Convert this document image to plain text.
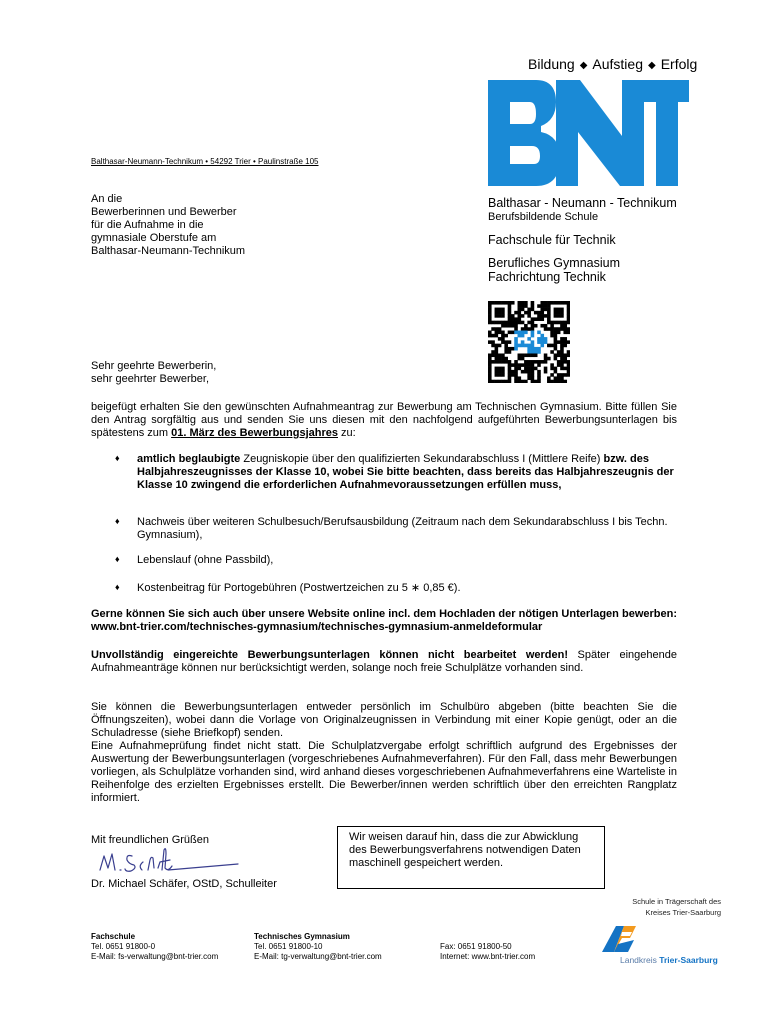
Bildung ◆ Aufstieg ◆ Erfolg
Balthasar-Neumann-Technikum • 54292 Trier • Paulinstraße 105
An die
Bewerberinnen und Bewerber
für die Aufnahme in die
gymnasiale Oberstufe am
Balthasar-Neumann-Technikum
Balthasar - Neumann - Technikum
Berufsbildende Schule
Fachschule für Technik
Berufliches Gymnasium
Fachrichtung Technik
Sehr geehrte Bewerberin,
sehr geehrter Bewerber,
beigefügt erhalten Sie den gewünschten Aufnahmeantrag zur Bewerbung am Technischen Gymnasium. Bitte füllen Sie den Antrag sorgfältig aus und senden Sie uns diesen mit den nachfolgend aufgeführten Bewerbungsunterlagen bis spätestens zum 01. März des Bewerbungsjahres zu:
♦ amtlich beglaubigte Zeugniskopie über den qualifizierten Sekundarabschluss I (Mittlere Reife) bzw. des Halbjahreszeugnisses der Klasse 10, wobei Sie bitte beachten, dass bereits das Halbjahreszeugnis der Klasse 10 zwingend die erforderlichen Aufnahmevoraussetzungen erfüllen muss,
♦ Nachweis über weiteren Schulbesuch/Berufsausbildung (Zeitraum nach dem Sekundarabschluss I bis Techn. Gymnasium),
♦ Lebenslauf (ohne Passbild),
♦ Kostenbeitrag für Portogebühren (Postwertzeichen zu 5 ∗ 0,85 €).
Gerne können Sie sich auch über unsere Website online incl. dem Hochladen der nötigen Unterlagen bewerben: www.bnt-trier.com/technisches-gymnasium/technisches-gymnasium-anmeldeformular
Unvollständig eingereichte Bewerbungsunterlagen können nicht bearbeitet werden! Später eingehende Aufnahmeanträge können nur berücksichtigt werden, solange noch freie Schulplätze vorhanden sind.
Sie können die Bewerbungsunterlagen entweder persönlich im Schulbüro abgeben (bitte beachten Sie die Öffnungszeiten), wobei dann die Vorlage von Originalzeugnissen in Verbindung mit einer Kopie genügt, oder an die Schuladresse (siehe Briefkopf) senden.
Eine Aufnahmeprüfung findet nicht statt. Die Schulplatzvergabe erfolgt schriftlich aufgrund des Ergebnisses der Auswertung der Bewerbungsunterlagen (vorgeschriebenes Aufnahmeverfahren). Für den Fall, dass mehr Bewerbungen vorliegen, als Schulplätze vorhanden sind, wird anhand dieses vorgeschriebenen Aufnahmeverfahrens eine Warteliste in Reihenfolge des erzielten Ergebnisses erstellt. Die Bewerber/innen werden schriftlich über den erreichten Rangplatz informiert.
Mit freundlichen Grüßen
Dr. Michael Schäfer, OStD, Schulleiter
Wir weisen darauf hin, dass die zur Abwicklung des Bewerbungsverfahrens notwendigen Daten maschinell gespeichert werden.
Schule in Trägerschaft des
Kreises Trier-Saarburg
Landkreis Trier-Saarburg
Fachschule
Tel. 0651 91800-0
E-Mail: fs-verwaltung@bnt-trier.com
Technisches Gymnasium
Tel. 0651 91800-10
E-Mail: tg-verwaltung@bnt-trier.com
Fax: 0651 91800-50
Internet: www.bnt-trier.com
